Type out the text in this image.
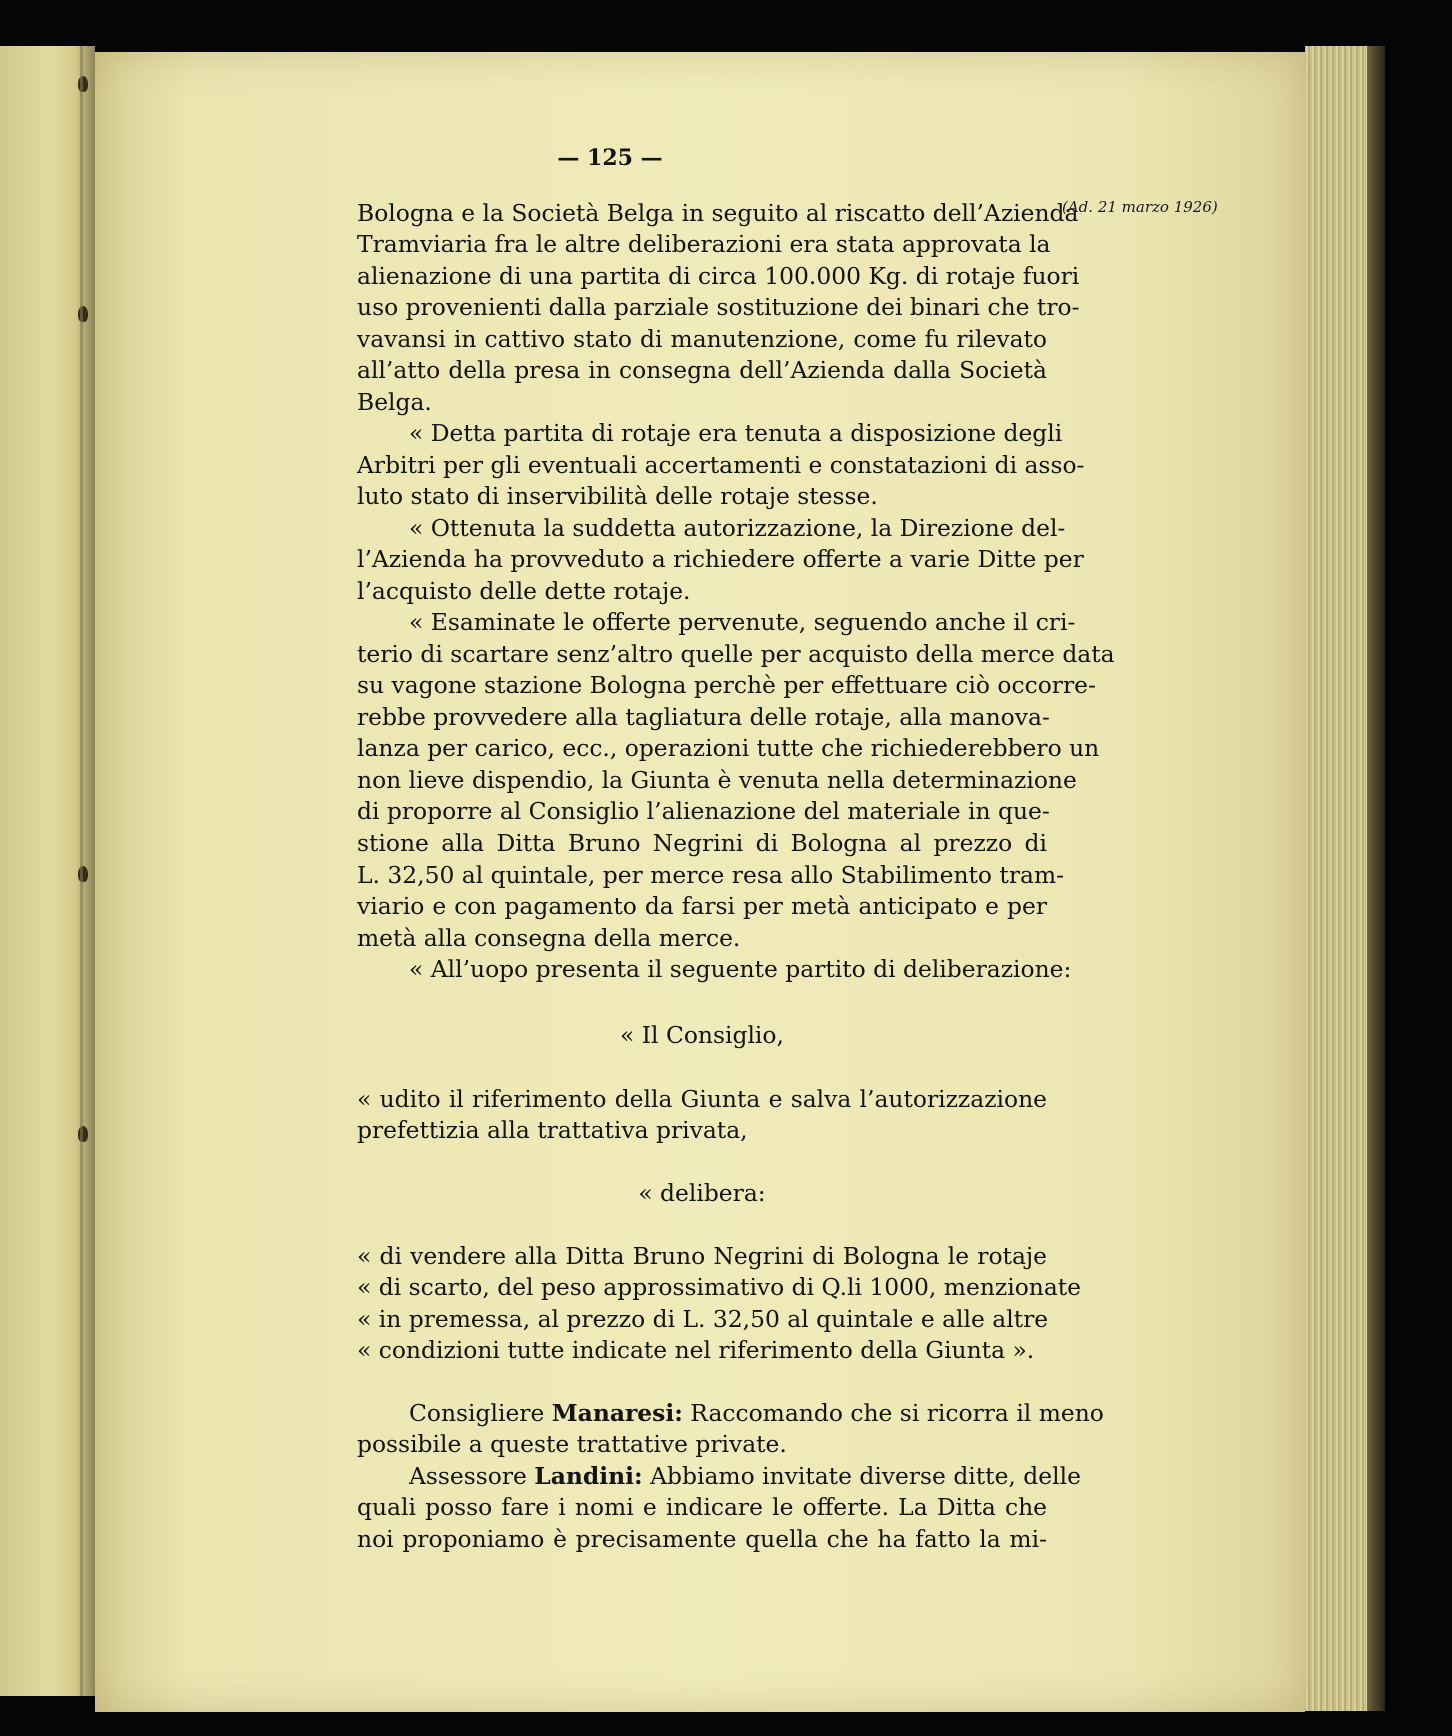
— 125 —
(Ad. 21 marzo 1926)
Bologna e la Società Belga in seguito al riscatto dell’Azienda
Tramviaria fra le altre deliberazioni era stata approvata la
alienazione di una partita di circa 100.000 Kg. di rotaje fuori
uso provenienti dalla parziale sostituzione dei binari che tro-
vavansi in cattivo stato di manutenzione, come fu rilevato
all’atto della presa in consegna dell’Azienda dalla Società
Belga.
« Detta partita di rotaje era tenuta a disposizione degli
Arbitri per gli eventuali accertamenti e constatazioni di asso-
luto stato di inservibilità delle rotaje stesse.
« Ottenuta la suddetta autorizzazione, la Direzione del-
l’Azienda ha provveduto a richiedere offerte a varie Ditte per
l’acquisto delle dette rotaje.
« Esaminate le offerte pervenute, seguendo anche il cri-
terio di scartare senz’altro quelle per acquisto della merce data
su vagone stazione Bologna perchè per effettuare ciò occorre-
rebbe provvedere alla tagliatura delle rotaje, alla manova-
lanza per carico, ecc., operazioni tutte che richiederebbero un
non lieve dispendio, la Giunta è venuta nella determinazione
di proporre al Consiglio l’alienazione del materiale in que-
stione alla Ditta Bruno Negrini di Bologna al prezzo di
L. 32,50 al quintale, per merce resa allo Stabilimento tram-
viario e con pagamento da farsi per metà anticipato e per
metà alla consegna della merce.
« All’uopo presenta il seguente partito di deliberazione:
« Il Consiglio,
« udito il riferimento della Giunta e salva l’autorizzazione
prefettizia alla trattativa privata,
« delibera:
« di vendere alla Ditta Bruno Negrini di Bologna le rotaje
« di scarto, del peso approssimativo di Q.li 1000, menzionate
« in premessa, al prezzo di L. 32,50 al quintale e alle altre
« condizioni tutte indicate nel riferimento della Giunta ».
Consigliere Manaresi: Raccomando che si ricorra il meno
possibile a queste trattative private.
Assessore Landini: Abbiamo invitate diverse ditte, delle
quali posso fare i nomi e indicare le offerte. La Ditta che
noi proponiamo è precisamente quella che ha fatto la mi-
